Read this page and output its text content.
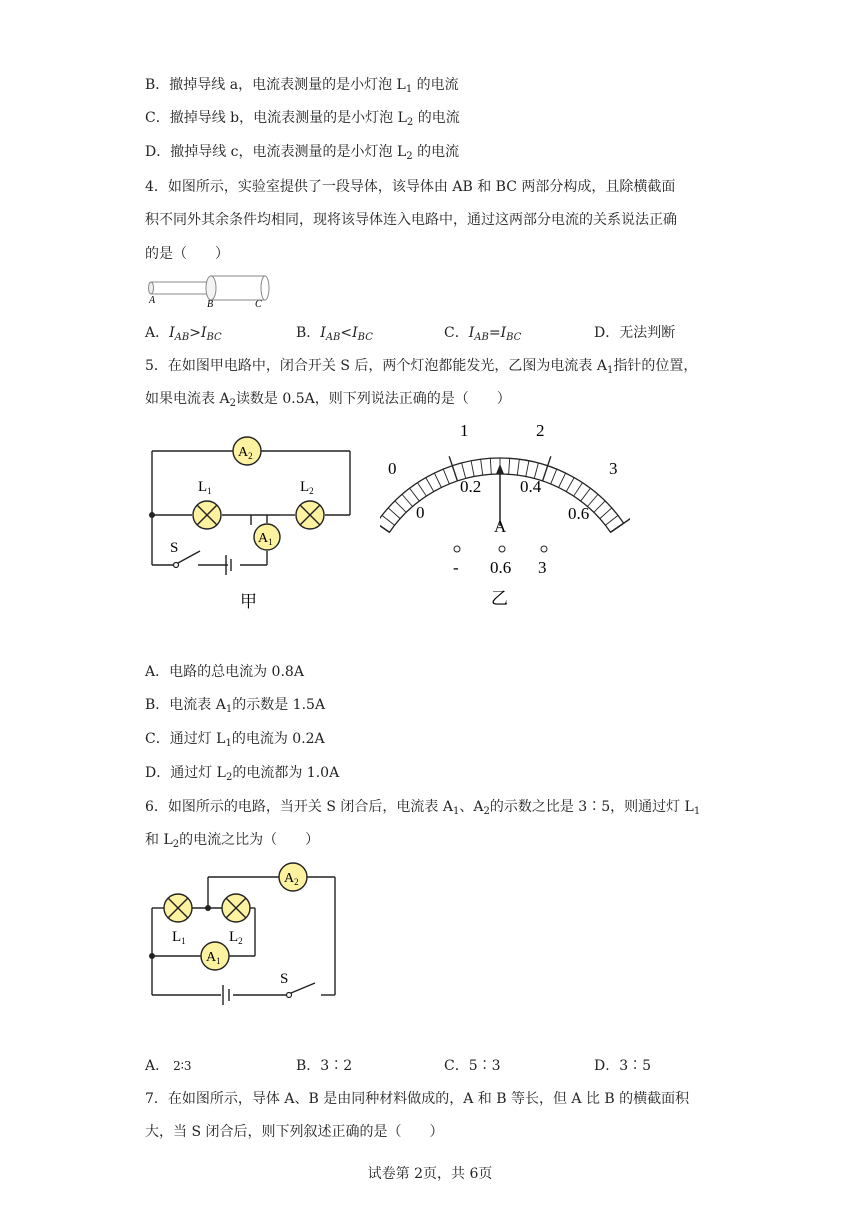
B．撤掉导线 a，电流表测量的是小灯泡 $L_1$ 的电流
C．撤掉导线 b，电流表测量的是小灯泡 $L_2$ 的电流
D．撤掉导线 c，电流表测量的是小灯泡 $L_2$ 的电流
4．如图所示，实验室提供了一段导体，该导体由 AB 和 BC 两部分构成，且除横截面
积不同外其余条件均相同，现将该导体连入电路中，通过这两部分电流的关系说法正确
的是（　　）
A	B	C
A．$I_{AB}>I_{BC}$	B．$I_{AB}<I_{BC}$	C．$I_{AB}=I_{BC}$	D．无法判断
5．在如图甲电路中，闭合开关 S 后，两个灯泡都能发光，乙图为电流表 $A_1$指针的位置，
如果电流表 $A_2$读数是 0.5A，则下列说法正确的是（　　）
$A_2$
$L_1$	$L_2$
$A_1$
S
甲
0
1	2
3
0
0.2 0.4
0.6
A
- 0.6 3
乙
A．电路的总电流为 0.8A
B．电流表 $A_1$的示数是 1.5A
C．通过灯 $L_1$的电流为 0.2A
D．通过灯 $L_2$的电流都为 1.0A
6．如图所示的电路，当开关 S 闭合后，电流表 $A_1$、$A_2$的示数之比是 3∶5，则通过灯 $L_1$
和 $L_2$的电流之比为（　　）
$L_1$	$L_2$
$A_2$
$A_1$
S
A． 2∶3	B．3∶2	C．5∶3	D．3∶5
7．在如图所示，导体 A、B 是由同种材料做成的，A 和 B 等长，但 A 比 B 的横截面积
大，当 S 闭合后，则下列叙述正确的是（　　）
试卷第 2页，共 6页
